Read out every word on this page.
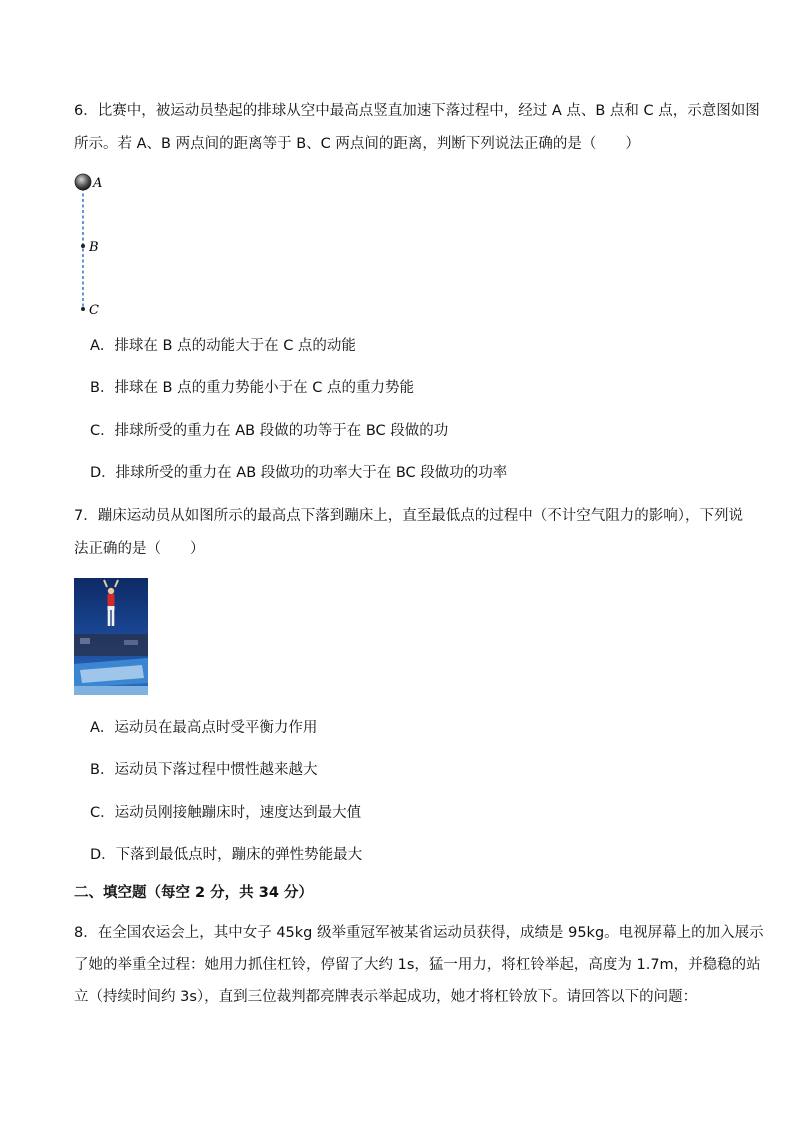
6．比赛中，被运动员垫起的排球从空中最高点竖直加速下落过程中，经过 A 点、B 点和 C 点，示意图如图
所示。若 A、B 两点间的距离等于 B、C 两点间的距离，判断下列说法正确的是（　　）
A
B
C
A．排球在 B 点的动能大于在 C 点的动能
B．排球在 B 点的重力势能小于在 C 点的重力势能
C．排球所受的重力在 AB 段做的功等于在 BC 段做的功
D．排球所受的重力在 AB 段做功的功率大于在 BC 段做功的功率
7．蹦床运动员从如图所示的最高点下落到蹦床上，直至最低点的过程中（不计空气阻力的影响），下列说
法正确的是（　　）
A．运动员在最高点时受平衡力作用
B．运动员下落过程中惯性越来越大
C．运动员刚接触蹦床时，速度达到最大值
D．下落到最低点时，蹦床的弹性势能最大
二、填空题（每空 2 分，共 34 分）
8．在全国农运会上，其中女子 45kg 级举重冠军被某省运动员获得，成绩是 95kg。电视屏幕上的加入展示
了她的举重全过程：她用力抓住杠铃，停留了大约 1s，猛一用力，将杠铃举起，高度为 1.7m，并稳稳的站
立（持续时间约 3s），直到三位裁判都亮牌表示举起成功，她才将杠铃放下。请回答以下的问题：
